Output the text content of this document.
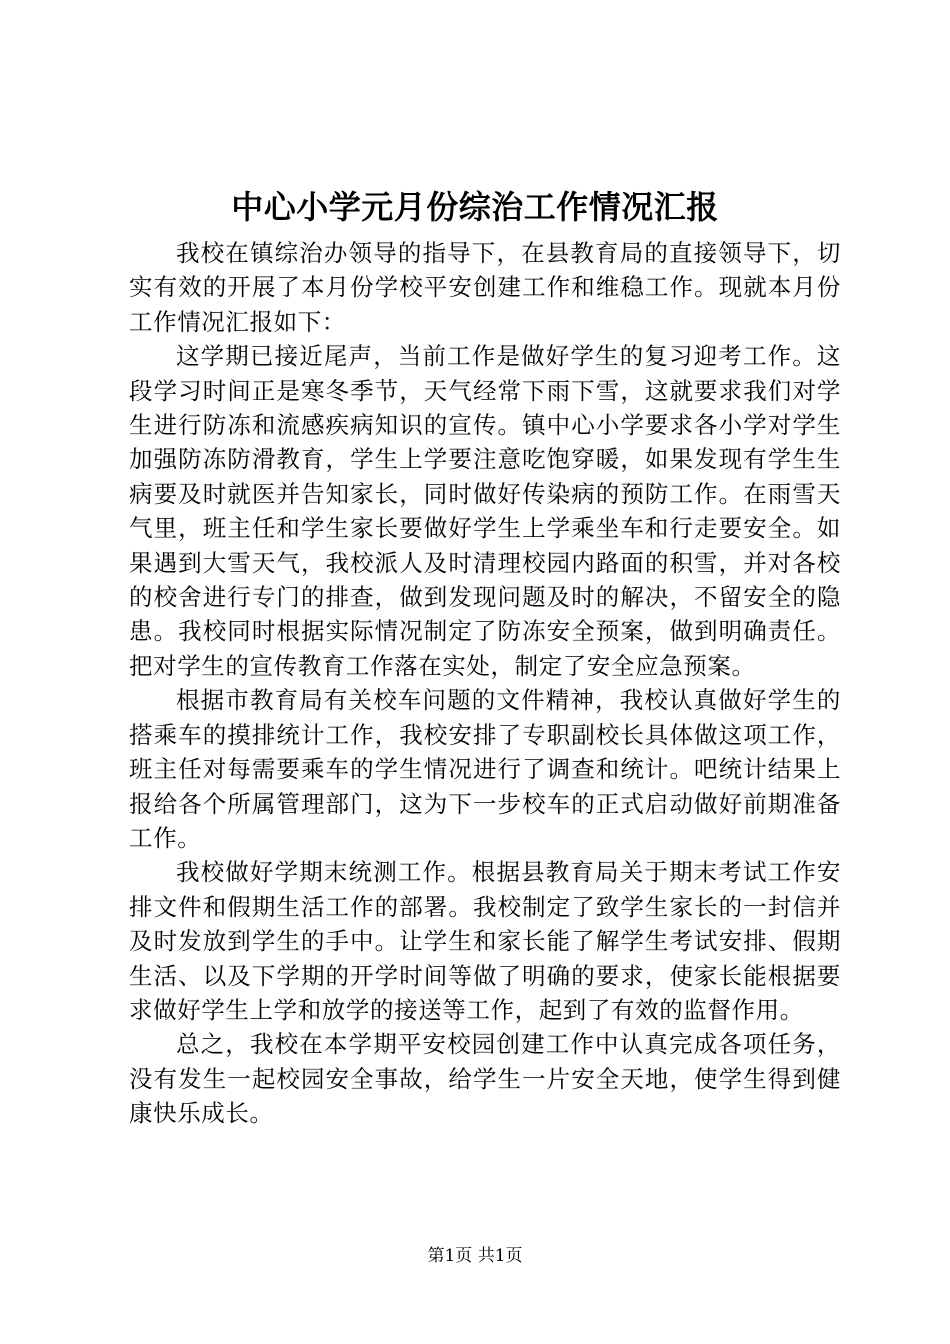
中心小学元月份综治工作情况汇报

我校在镇综治办领导的指导下，在县教育局的直接领导下，切实有效的开展了本月份学校平安创建工作和维稳工作。现就本月份工作情况汇报如下：

这学期已接近尾声，当前工作是做好学生的复习迎考工作。这段学习时间正是寒冬季节，天气经常下雨下雪，这就要求我们对学生进行防冻和流感疾病知识的宣传。镇中心小学要求各小学对学生加强防冻防滑教育，学生上学要注意吃饱穿暖，如果发现有学生生病要及时就医并告知家长，同时做好传染病的预防工作。在雨雪天气里，班主任和学生家长要做好学生上学乘坐车和行走要安全。如果遇到大雪天气，我校派人及时清理校园内路面的积雪，并对各校的校舍进行专门的排查，做到发现问题及时的解决，不留安全的隐患。我校同时根据实际情况制定了防冻安全预案，做到明确责任。把对学生的宣传教育工作落在实处，制定了安全应急预案。

根据市教育局有关校车问题的文件精神，我校认真做好学生的搭乘车的摸排统计工作，我校安排了专职副校长具体做这项工作，班主任对每需要乘车的学生情况进行了调查和统计。吧统计结果上报给各个所属管理部门，这为下一步校车的正式启动做好前期准备工作。

我校做好学期末统测工作。根据县教育局关于期末考试工作安排文件和假期生活工作的部署。我校制定了致学生家长的一封信并及时发放到学生的手中。让学生和家长能了解学生考试安排、假期生活、以及下学期的开学时间等做了明确的要求，使家长能根据要求做好学生上学和放学的接送等工作，起到了有效的监督作用。

总之，我校在本学期平安校园创建工作中认真完成各项任务，没有发生一起校园安全事故，给学生一片安全天地，使学生得到健康快乐成长。

第1页 共1页
